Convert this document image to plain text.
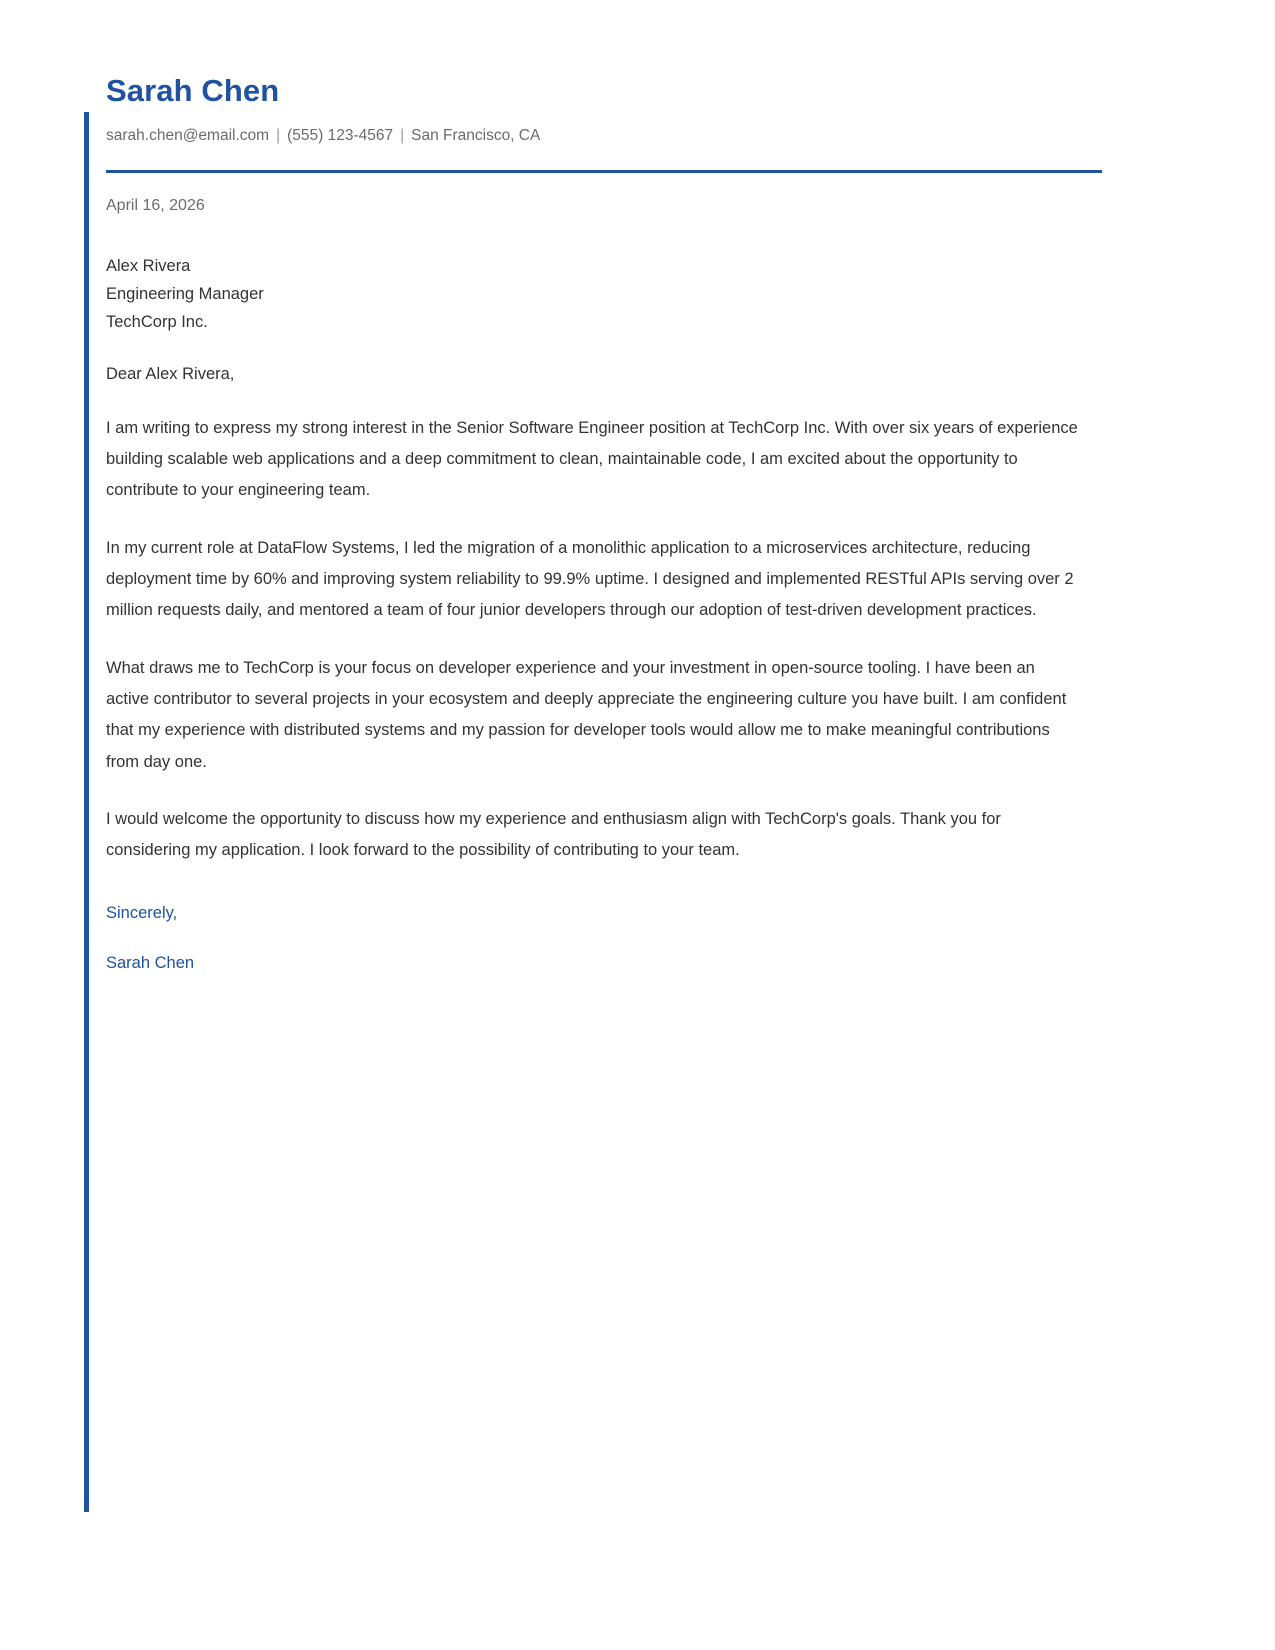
Sarah Chen

sarah.chen@email.com | (555) 123-4567 | San Francisco, CA

April 16, 2026
Alex Rivera
Engineering Manager
TechCorp Inc.
Dear Alex Rivera,

I am writing to express my strong interest in the Senior Software Engineer position at TechCorp Inc. With over six years of experience building scalable web applications and a deep commitment to clean, maintainable code, I am excited about the opportunity to contribute to your engineering team.

In my current role at DataFlow Systems, I led the migration of a monolithic application to a microservices architecture, reducing deployment time by 60% and improving system reliability to 99.9% uptime. I designed and implemented RESTful APIs serving over 2 million requests daily, and mentored a team of four junior developers through our adoption of test-driven development practices.

What draws me to TechCorp is your focus on developer experience and your investment in open-source tooling. I have been an active contributor to several projects in your ecosystem and deeply appreciate the engineering culture you have built. I am confident that my experience with distributed systems and my passion for developer tools would allow me to make meaningful contributions from day one.

I would welcome the opportunity to discuss how my experience and enthusiasm align with TechCorp's goals. Thank you for considering my application. I look forward to the possibility of contributing to your team.

Sincerely,
Sarah Chen
